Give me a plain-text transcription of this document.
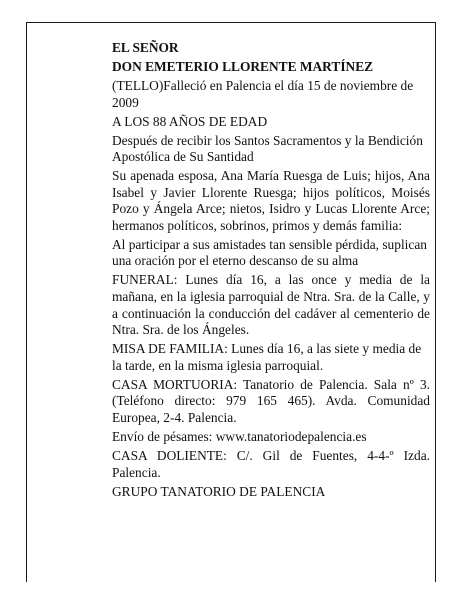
EL SEÑOR

DON EMETERIO LLORENTE MARTÍNEZ

(TELLO)Falleció en Palencia el día 15 de noviembre de 2009

A LOS 88 AÑOS DE EDAD

Después de recibir los Santos Sacramentos y la Bendición Apostólica de Su Santidad

Su apenada esposa, Ana María Ruesga de Luis; hijos, Ana Isabel y Javier Llorente Ruesga; hijos políticos, Moisés Pozo y Ángela Arce; nietos, Isidro y Lucas Llorente Arce; hermanos políticos, sobrinos, primos y demás familia:

Al participar a sus amistades tan sensible pérdida, suplican una oración por el eterno descanso de su alma

FUNERAL: Lunes día 16, a las once y media de la mañana, en la iglesia parroquial de Ntra. Sra. de la Calle, y a continuación la conducción del cadáver al cementerio de Ntra. Sra. de los Ángeles.

MISA DE FAMILIA: Lunes día 16, a las siete y media de la tarde, en la misma iglesia parroquial.

CASA MORTUORIA: Tanatorio de Palencia. Sala nº 3. (Teléfono directo: 979 165 465). Avda. Comunidad Europea, 2-4. Palencia.

Envío de pésames: www.tanatoriodepalencia.es

CASA DOLIENTE: C/. Gil de Fuentes, 4-4-º Izda. Palencia.

GRUPO TANATORIO DE PALENCIA
